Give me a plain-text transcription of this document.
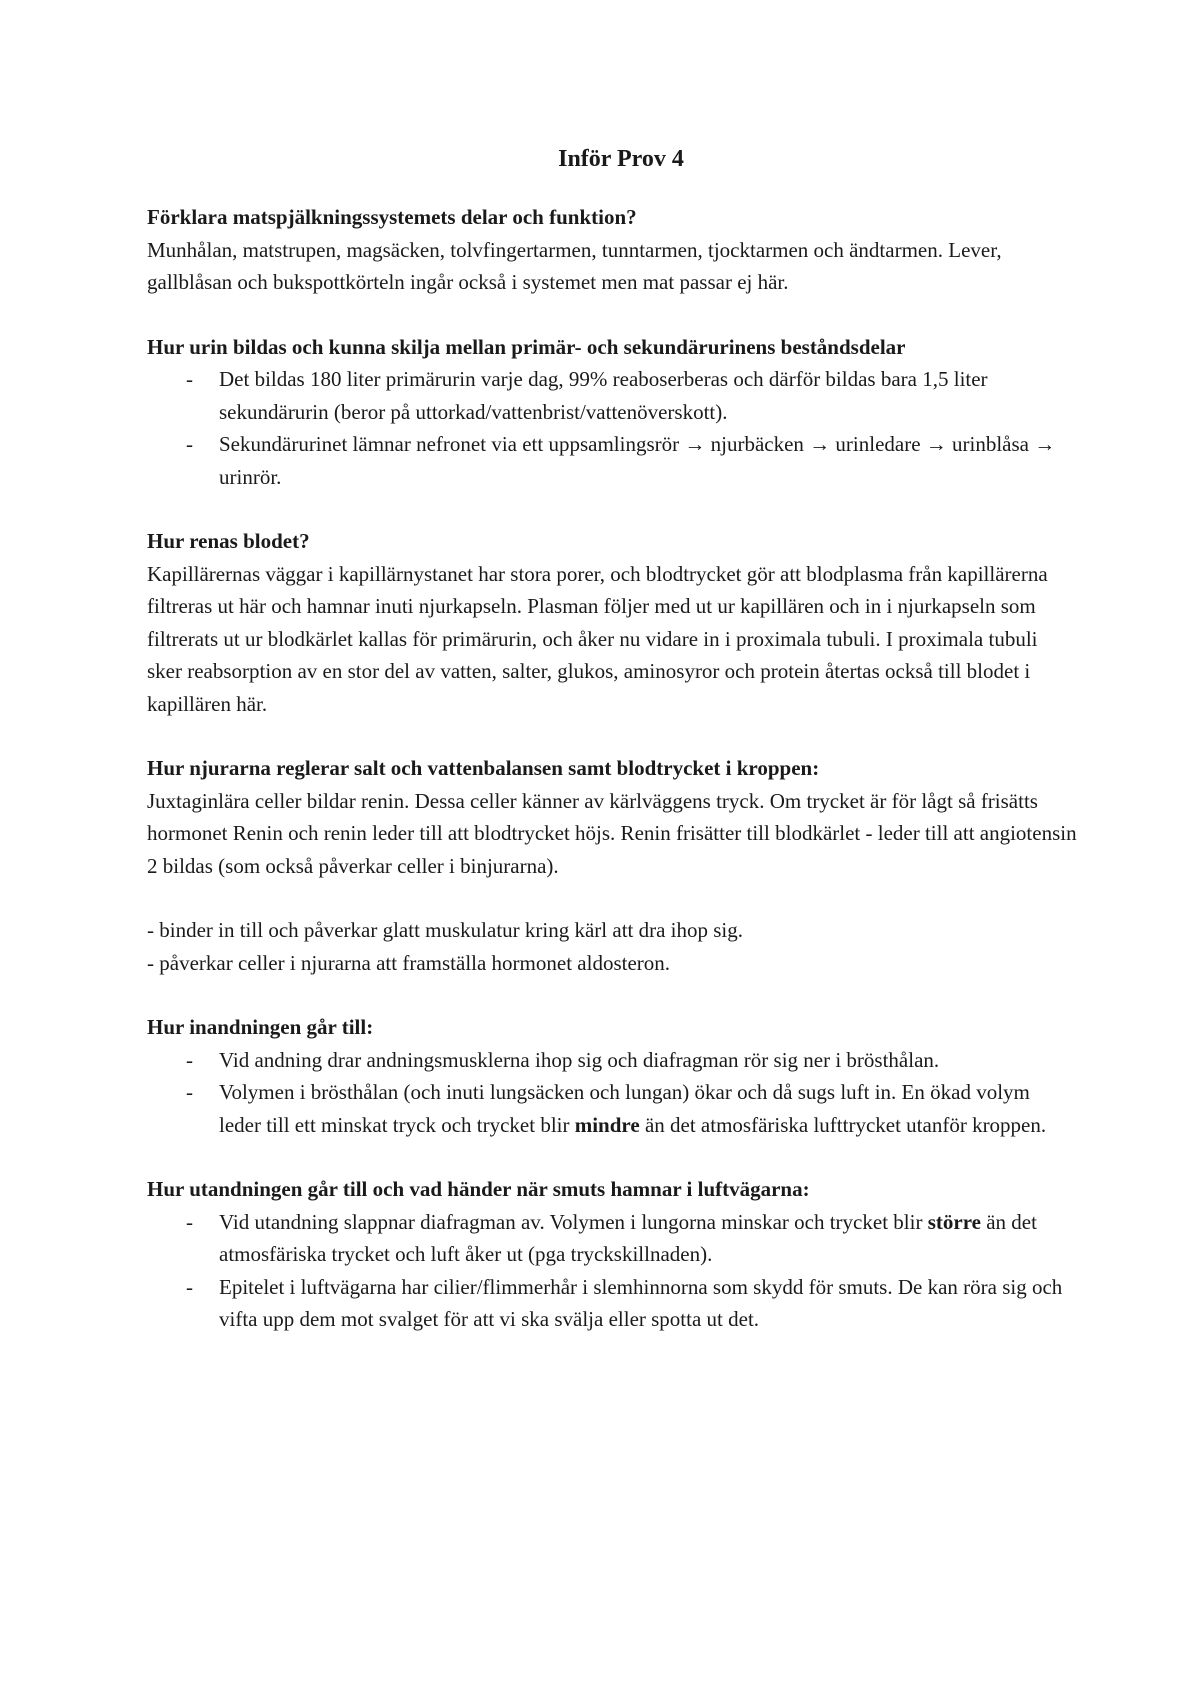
Inför Prov 4

Förklara matspjälkningssystemets delar och funktion?

Munhålan, matstrupen, magsäcken, tolvfingertarmen, tunntarmen, tjocktarmen och ändtarmen. Lever, gallblåsan och bukspottkörteln ingår också i systemet men mat passar ej här.

Hur urin bildas och kunna skilja mellan primär- och sekundärurinens beståndsdelar

- Det bildas 180 liter primärurin varje dag, 99% reaboserberas och därför bildas bara 1,5 liter sekundärurin (beror på uttorkad/vattenbrist/vattenöverskott).
- Sekundärurinet lämnar nefronet via ett uppsamlingsrör → njurbäcken → urinledare → urinblåsa → urinrör.

Hur renas blodet?

Kapillärernas väggar i kapillärnystanet har stora porer, och blodtrycket gör att blodplasma från kapillärerna filtreras ut här och hamnar inuti njurkapseln. Plasman följer med ut ur kapillären och in i njurkapseln som filtrerats ut ur blodkärlet kallas för primärurin, och åker nu vidare in i proximala tubuli. I proximala tubuli sker reabsorption av en stor del av vatten, salter, glukos, aminosyror och protein återtas också till blodet i kapillären här.

Hur njurarna reglerar salt och vattenbalansen samt blodtrycket i kroppen:

Juxtaginlära celler bildar renin. Dessa celler känner av kärlväggens tryck. Om trycket är för lågt så frisätts hormonet Renin och renin leder till att blodtrycket höjs. Renin frisätter till blodkärlet - leder till att angiotensin 2 bildas (som också påverkar celler i binjurarna).

- binder in till och påverkar glatt muskulatur kring kärl att dra ihop sig.

- påverkar celler i njurarna att framställa hormonet aldosteron.

Hur inandningen går till:

- Vid andning drar andningsmusklerna ihop sig och diafragman rör sig ner i brösthålan.
- Volymen i brösthålan (och inuti lungsäcken och lungan) ökar och då sugs luft in. En ökad volym leder till ett minskat tryck och trycket blir mindre än det atmosfäriska lufttrycket utanför kroppen.

Hur utandningen går till och vad händer när smuts hamnar i luftvägarna:

- Vid utandning slappnar diafragman av. Volymen i lungorna minskar och trycket blir större än det atmosfäriska trycket och luft åker ut (pga tryckskillnaden).
- Epitelet i luftvägarna har cilier/flimmerhår i slemhinnorna som skydd för smuts. De kan röra sig och vifta upp dem mot svalget för att vi ska svälja eller spotta ut det.
